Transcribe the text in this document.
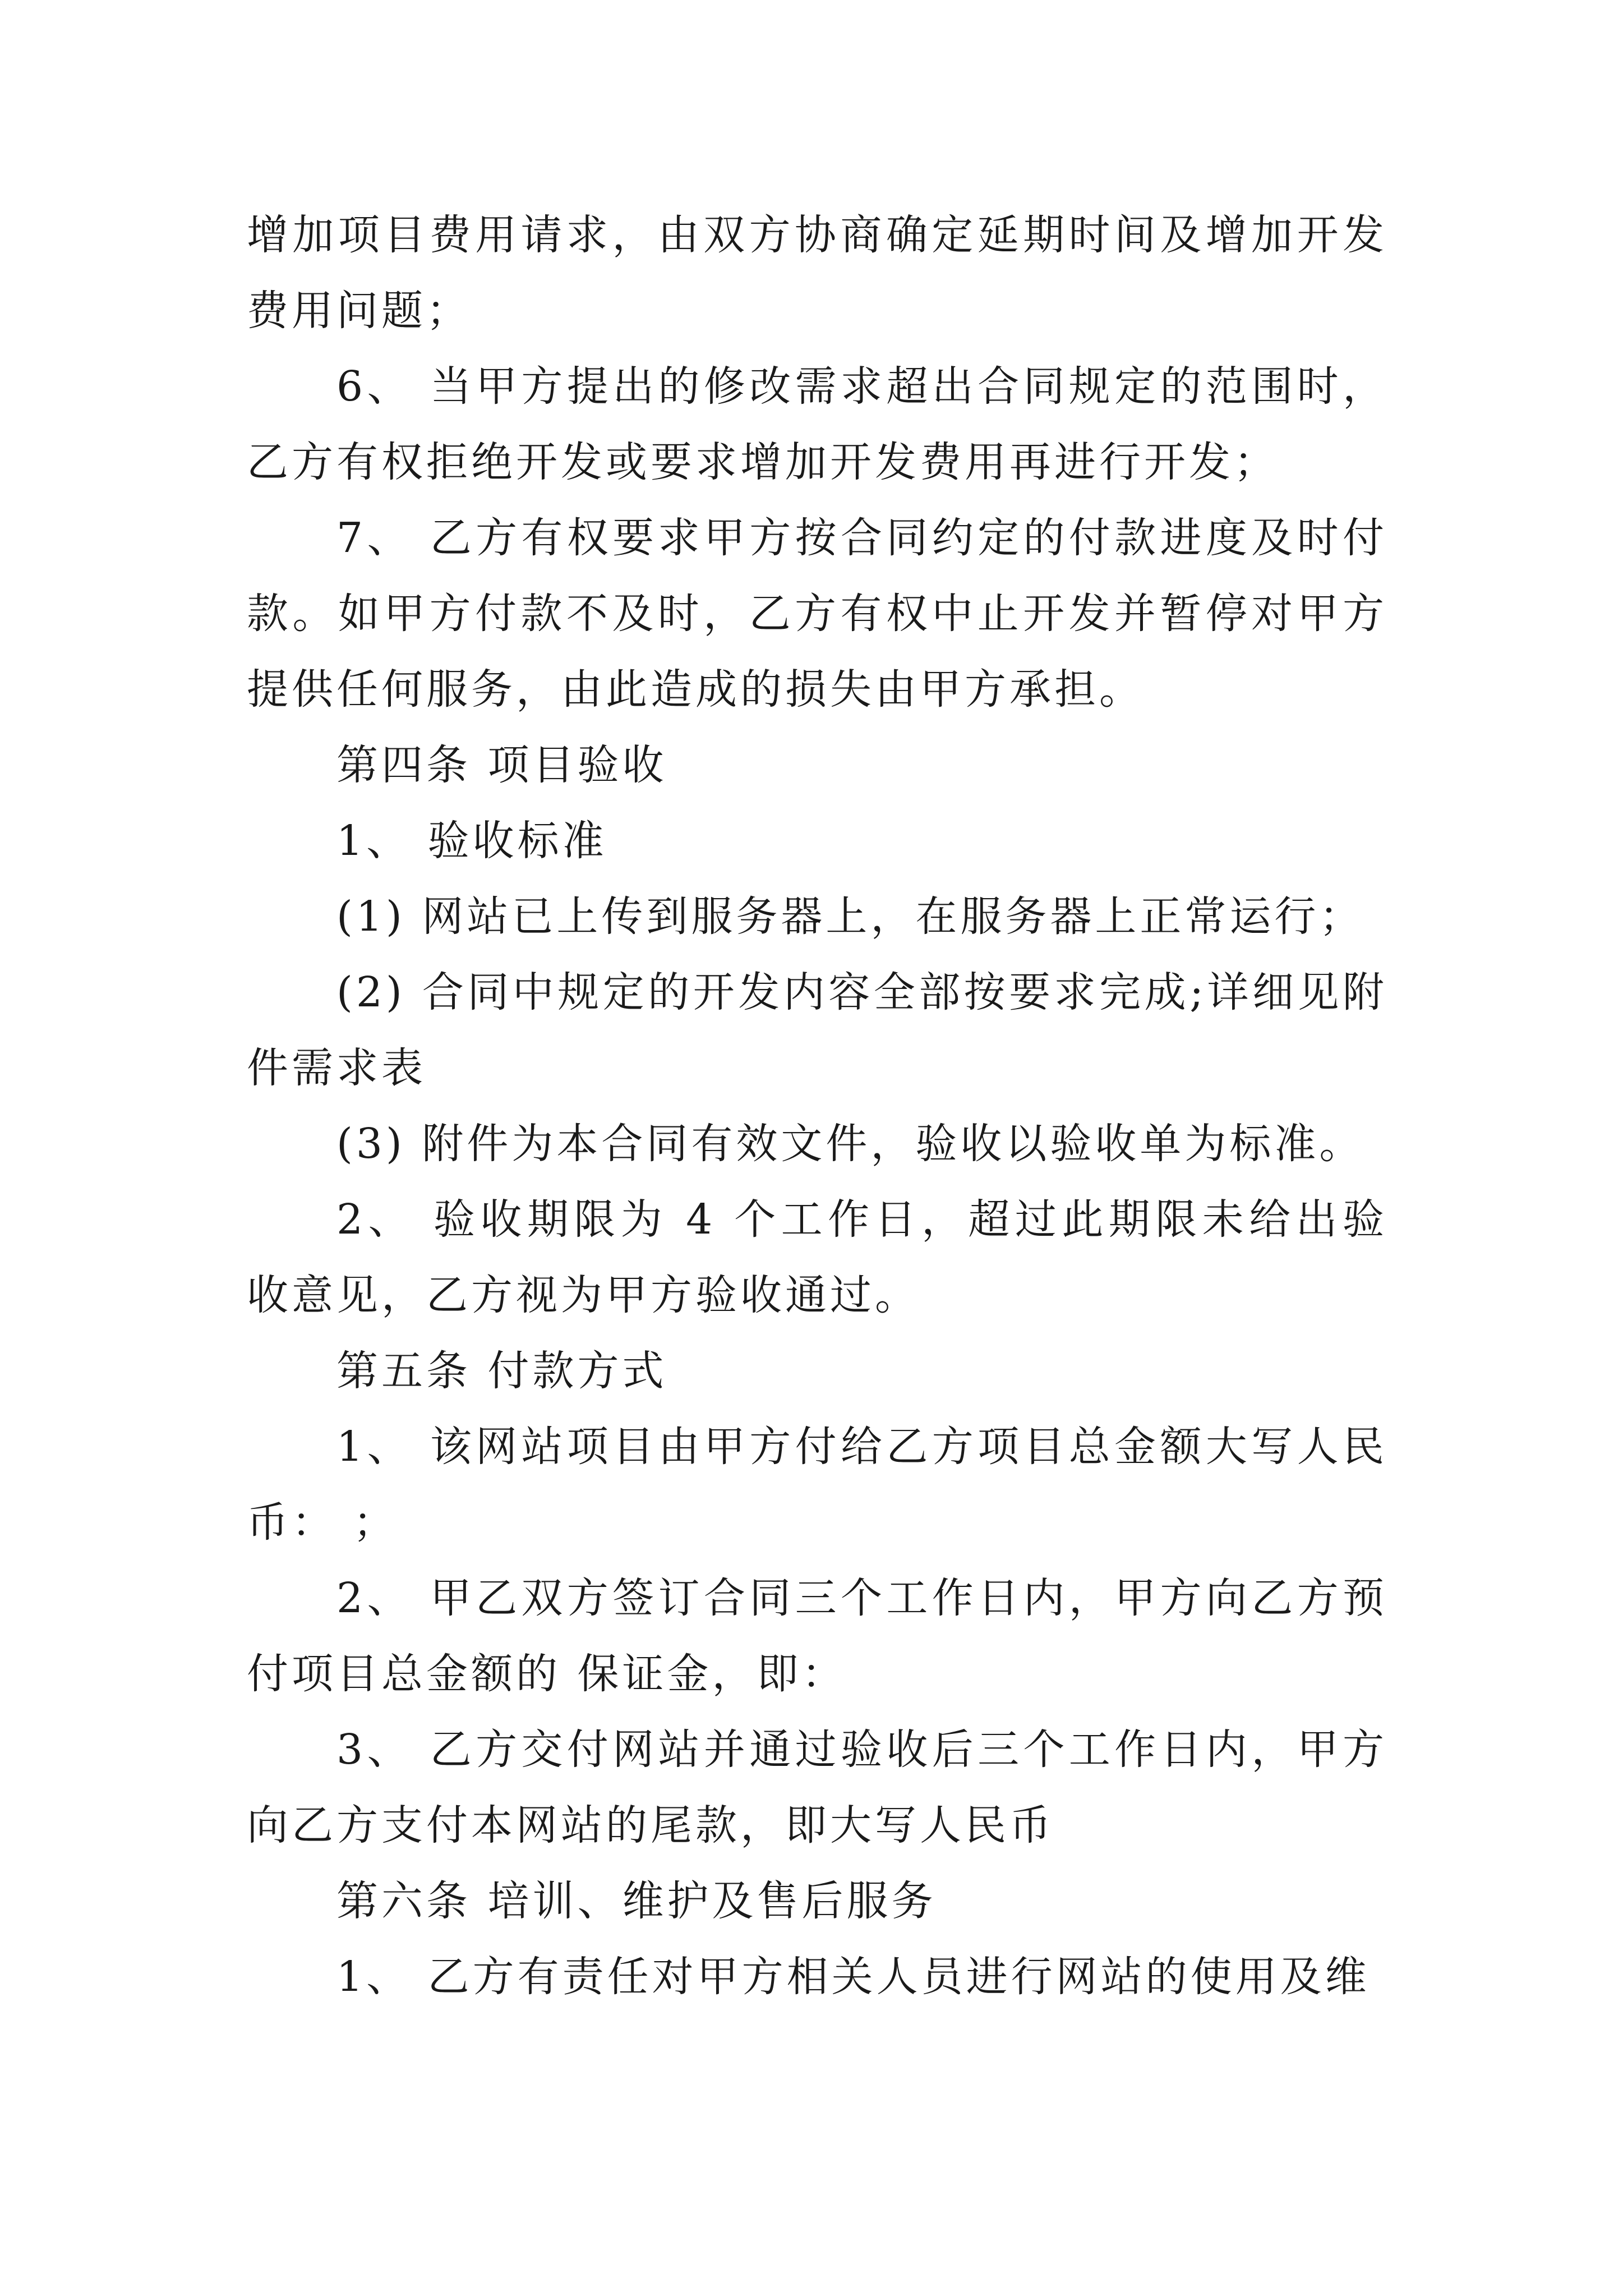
增加项目费用请求，由双方协商确定延期时间及增加开发费用问题；

6、 当甲方提出的修改需求超出合同规定的范围时，乙方有权拒绝开发或要求增加开发费用再进行开发；

7、 乙方有权要求甲方按合同约定的付款进度及时付款。如甲方付款不及时，乙方有权中止开发并暂停对甲方提供任何服务，由此造成的损失由甲方承担。

第四条 项目验收

1、 验收标准

(1) 网站已上传到服务器上，在服务器上正常运行；

(2) 合同中规定的开发内容全部按要求完成;详细见附件需求表

(3) 附件为本合同有效文件，验收以验收单为标准。

2、 验收期限为 4 个工作日，超过此期限未给出验收意见，乙方视为甲方验收通过。

第五条 付款方式

1、 该网站项目由甲方付给乙方项目总金额大写人民币： ；

2、 甲乙双方签订合同三个工作日内，甲方向乙方预付项目总金额的 保证金，即：

3、 乙方交付网站并通过验收后三个工作日内，甲方向乙方支付本网站的尾款，即大写人民币

第六条 培训、维护及售后服务

1、 乙方有责任对甲方相关人员进行网站的使用及维
